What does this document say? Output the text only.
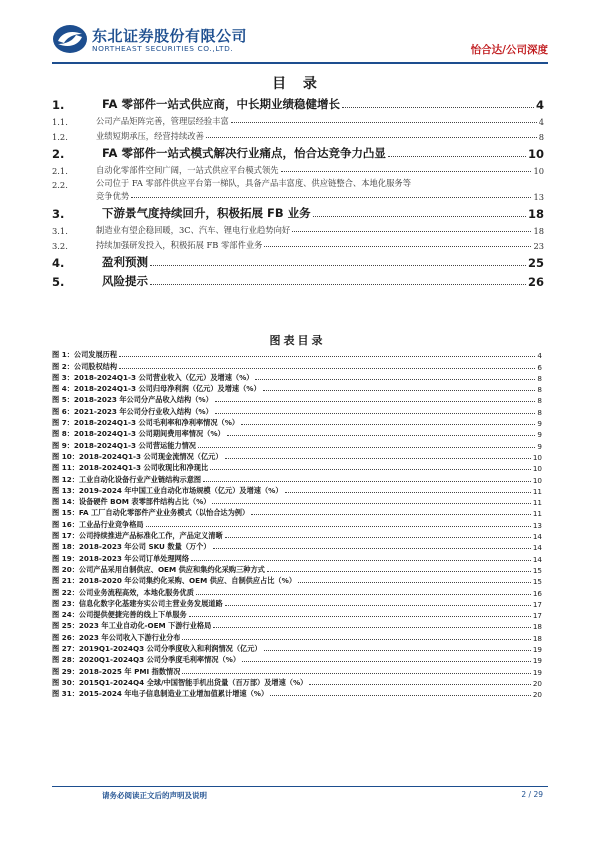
东北证券股份有限公司
NORTHEAST SECURITIES CO.,LTD.	怡合达/公司深度
目 录
1.	FA 零部件一站式供应商，中长期业绩稳健增长	4
1.1.	公司产品矩阵完善，管理层经验丰富	4
1.2.	业绩短期承压，经营持续改善	8
2.	FA 零部件一站式模式解决行业痛点，怡合达竞争力凸显	10
2.1.	自动化零部件空间广阔，一站式供应平台模式领先	10
2.2.	公司位于 FA 零部件供应平台第一梯队，具备产品丰富度、供应链整合、本地化服务等
竞争优势	13
3.	下游景气度持续回升，积极拓展 FB 业务	18
3.1.	制造业有望企稳回暖，3C、汽车、锂电行业趋势向好	18
3.2.	持续加强研发投入，积极拓展 FB 零部件业务	23
4.	盈利预测	25
5.	风险提示	26
图表目录
图 1：公司发展历程	4
图 2：公司股权结构	6
图 3：2018-2024Q1-3 公司营业收入（亿元）及增速（%）	8
图 4：2018-2024Q1-3 公司归母净利润（亿元）及增速（%）	8
图 5：2018-2023 年公司分产品收入结构（%）	8
图 6：2021-2023 年公司分行业收入结构（%）	8
图 7：2018-2024Q1-3 公司毛利率和净利率情况（%）	9
图 8：2018-2024Q1-3 公司期间费用率情况（%）	9
图 9：2018-2024Q1-3 公司营运能力情况	9
图 10：2018-2024Q1-3 公司现金流情况（亿元）	10
图 11：2018-2024Q1-3 公司收现比和净现比	10
图 12：工业自动化设备行业产业链结构示意图	10
图 13：2019-2024 年中国工业自动化市场规模（亿元）及增速（%）	11
图 14：设备硬件 BOM 表零部件结构占比（%）	11
图 15：FA 工厂自动化零部件产业业务模式（以怡合达为例）	11
图 16：工业品行业竞争格局	13
图 17：公司持续推进产品标准化工作，产品定义清晰	14
图 18：2018-2023 年公司 SKU 数量（万个）	14
图 19：2018-2023 年公司订单处理网络	14
图 20：公司产品采用自制供应、OEM 供应和集约化采购三种方式	15
图 21：2018-2020 年公司集约化采购、OEM 供应、自制供应占比（%）	15
图 22：公司业务流程高效，本地化服务优质	16
图 23：信息化数字化基建夯实公司主营业务发展道路	17
图 24：公司提供便捷完善的线上下单服务	17
图 25：2023 年工业自动化-OEM 下游行业格局	18
图 26：2023 年公司收入下游行业分布	18
图 27：2019Q1-2024Q3 公司分季度收入和利润情况（亿元）	19
图 28：2020Q1-2024Q3 公司分季度毛利率情况（%）	19
图 29：2018-2025 年 PMI 指数情况	19
图 30：2015Q1-2024Q4 全球/中国智能手机出货量（百万部）及增速（%）	20
图 31：2015-2024 年电子信息制造业工业增加值累计增速（%）	20
请务必阅读正文后的声明及说明	2 / 29
